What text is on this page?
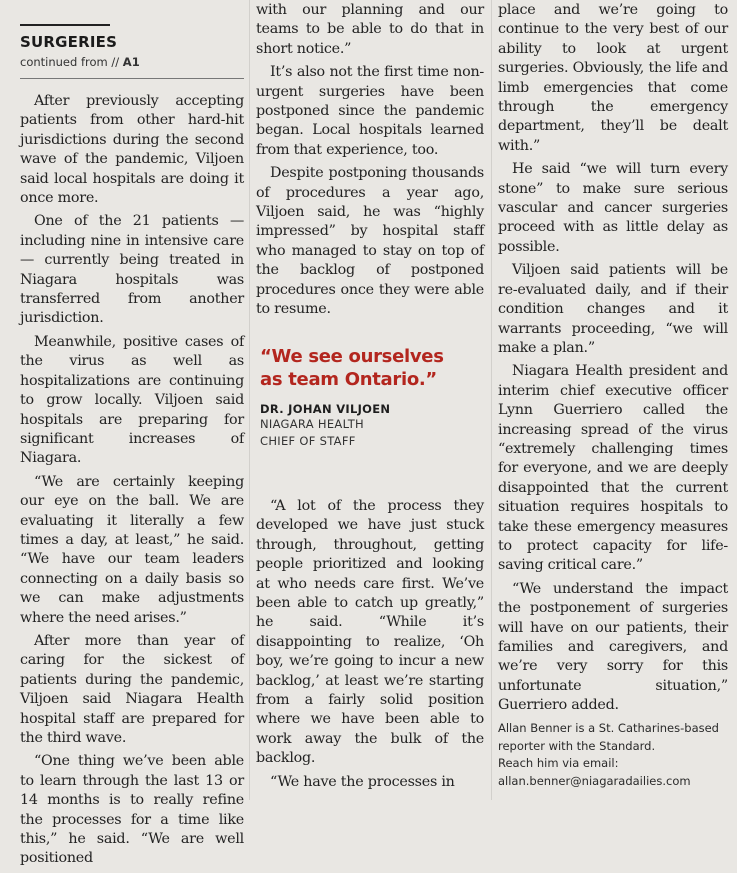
SURGERIES
continued from // A1

After previously accepting patients from other hard-hit jurisdictions during the second wave of the pandemic, Viljoen said local hospitals are doing it once more.

One of the 21 patients — including nine in intensive care — currently being treated in Niagara hospitals was transferred from another jurisdiction.

Meanwhile, positive cases of the virus as well as hospitalizations are continuing to grow locally. Viljoen said hospitals are preparing for significant increases of Niagara.

“We are certainly keeping our eye on the ball. We are evaluating it literally a few times a day, at least,” he said. “We have our team leaders connecting on a daily basis so we can make adjustments where the need arises.”

After more than year of caring for the sickest of patients during the pandemic, Viljoen said Niagara Health hospital staff are prepared for the third wave.

“One thing we’ve been able to learn through the last 13 or 14 months is to really refine the processes for a time like this,” he said. “We are well positioned

with our planning and our teams to be able to do that in short notice.”

It’s also not the first time non-urgent surgeries have been postponed since the pandemic began. Local hospitals learned from that experience, too.

Despite postponing thousands of procedures a year ago, Viljoen said, he was “highly impressed” by hospital staff who managed to stay on top of the backlog of postponed procedures once they were able to resume.

“We see ourselves as team Ontario.”
DR. JOHAN VILJOEN
NIAGARA HEALTH
CHIEF OF STAFF

“A lot of the process they developed we have just stuck through, throughout, getting people prioritized and looking at who needs care first. We’ve been able to catch up greatly,” he said. “While it’s disappointing to realize, ‘Oh boy, we’re going to incur a new backlog,’ at least we’re starting from a fairly solid position where we have been able to work away the bulk of the backlog.

“We have the processes in

place and we’re going to continue to the very best of our ability to look at urgent surgeries. Obviously, the life and limb emergencies that come through the emergency department, they’ll be dealt with.”

He said “we will turn every stone” to make sure serious vascular and cancer surgeries proceed with as little delay as possible.

Viljoen said patients will be re-evaluated daily, and if their condition changes and it warrants proceeding, “we will make a plan.”

Niagara Health president and interim chief executive officer Lynn Guerriero called the increasing spread of the virus “extremely challenging times for everyone, and we are deeply disappointed that the current situation requires hospitals to take these emergency measures to protect capacity for life-saving critical care.”

“We understand the impact the postponement of surgeries will have on our patients, their families and caregivers, and we’re very sorry for this unfortunate situation,” Guerriero added.

Allan Benner is a St. Catharines-based reporter with the Standard.

Reach him via email:

allan.benner@niagaradailies.com
